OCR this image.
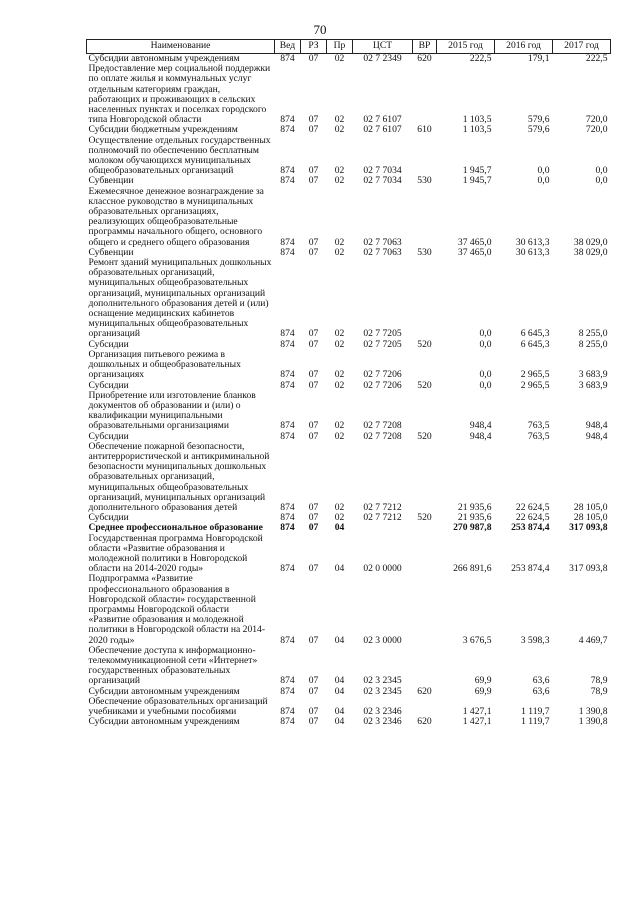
70
Наименование	Вед	РЗ	Пр	ЦСТ	ВР	2015 год	2016 год	2017 год
Субсидии автономным учреждениям	874	07	02	02 7 2349	620	222,5	179,1	222,5
Предоставление мер социальной поддержки по оплате жилья и коммунальных услуг отдельным категориям граждан, работающих и проживающих в сельских населенных пунктах и поселках городского типа Новгородской области	874	07	02	02 7 6107		1 103,5	579,6	720,0
Субсидии бюджетным учреждениям	874	07	02	02 7 6107	610	1 103,5	579,6	720,0
Осуществление отдельных государственных полномочий по обеспечению бесплатным молоком обучающихся муниципальных общеобразовательных организаций	874	07	02	02 7 7034		1 945,7	0,0	0,0
Субвенции	874	07	02	02 7 7034	530	1 945,7	0,0	0,0
Ежемесячное денежное вознаграждение за классное руководство в муниципальных образовательных организациях, реализующих общеобразовательные программы начального общего, основного общего и среднего общего образования	874	07	02	02 7 7063		37 465,0	30 613,3	38 029,0
Субвенции	874	07	02	02 7 7063	530	37 465,0	30 613,3	38 029,0
Ремонт зданий муниципальных дошкольных образовательных организаций, муниципальных общеобразовательных организаций, муниципальных организаций дополнительного образования детей и (или) оснащение медицинских кабинетов муниципальных общеобразовательных организаций	874	07	02	02 7 7205		0,0	6 645,3	8 255,0
Субсидии	874	07	02	02 7 7205	520	0,0	6 645,3	8 255,0
Организация питьевого режима в дошкольных и общеобразовательных организациях	874	07	02	02 7 7206		0,0	2 965,5	3 683,9
Субсидии	874	07	02	02 7 7206	520	0,0	2 965,5	3 683,9
Приобретение или изготовление бланков документов об образовании и (или) о квалификации муниципальными образовательными организациями	874	07	02	02 7 7208		948,4	763,5	948,4
Субсидии	874	07	02	02 7 7208	520	948,4	763,5	948,4
Обеспечение пожарной безопасности, антитеррористической и антикриминальной безопасности муниципальных дошкольных образовательных организаций, муниципальных общеобразовательных организаций, муниципальных организаций дополнительного образования детей	874	07	02	02 7 7212		21 935,6	22 624,5	28 105,0
Субсидии	874	07	02	02 7 7212	520	21 935,6	22 624,5	28 105,0
Среднее профессиональное образование	874	07	04			270 987,8	253 874,4	317 093,8
Государственная программа Новгородской области «Развитие образования и молодежной политики в Новгородской области на 2014-2020 годы»	874	07	04	02 0 0000		266 891,6	253 874,4	317 093,8
Подпрограмма «Развитие профессионального образования в Новгородской области» государственной программы Новгородской области «Развитие образования и молодежной политики в Новгородской области на 2014-2020 годы»	874	07	04	02 3 0000		3 676,5	3 598,3	4 469,7
Обеспечение доступа к информационно-телекоммуникационной сети «Интернет» государственных образовательных организаций	874	07	04	02 3 2345		69,9	63,6	78,9
Субсидии автономным учреждениям	874	07	04	02 3 2345	620	69,9	63,6	78,9
Обеспечение образовательных организаций учебниками и учебными пособиями	874	07	04	02 3 2346		1 427,1	1 119,7	1 390,8
Субсидии автономным учреждениям	874	07	04	02 3 2346	620	1 427,1	1 119,7	1 390,8
